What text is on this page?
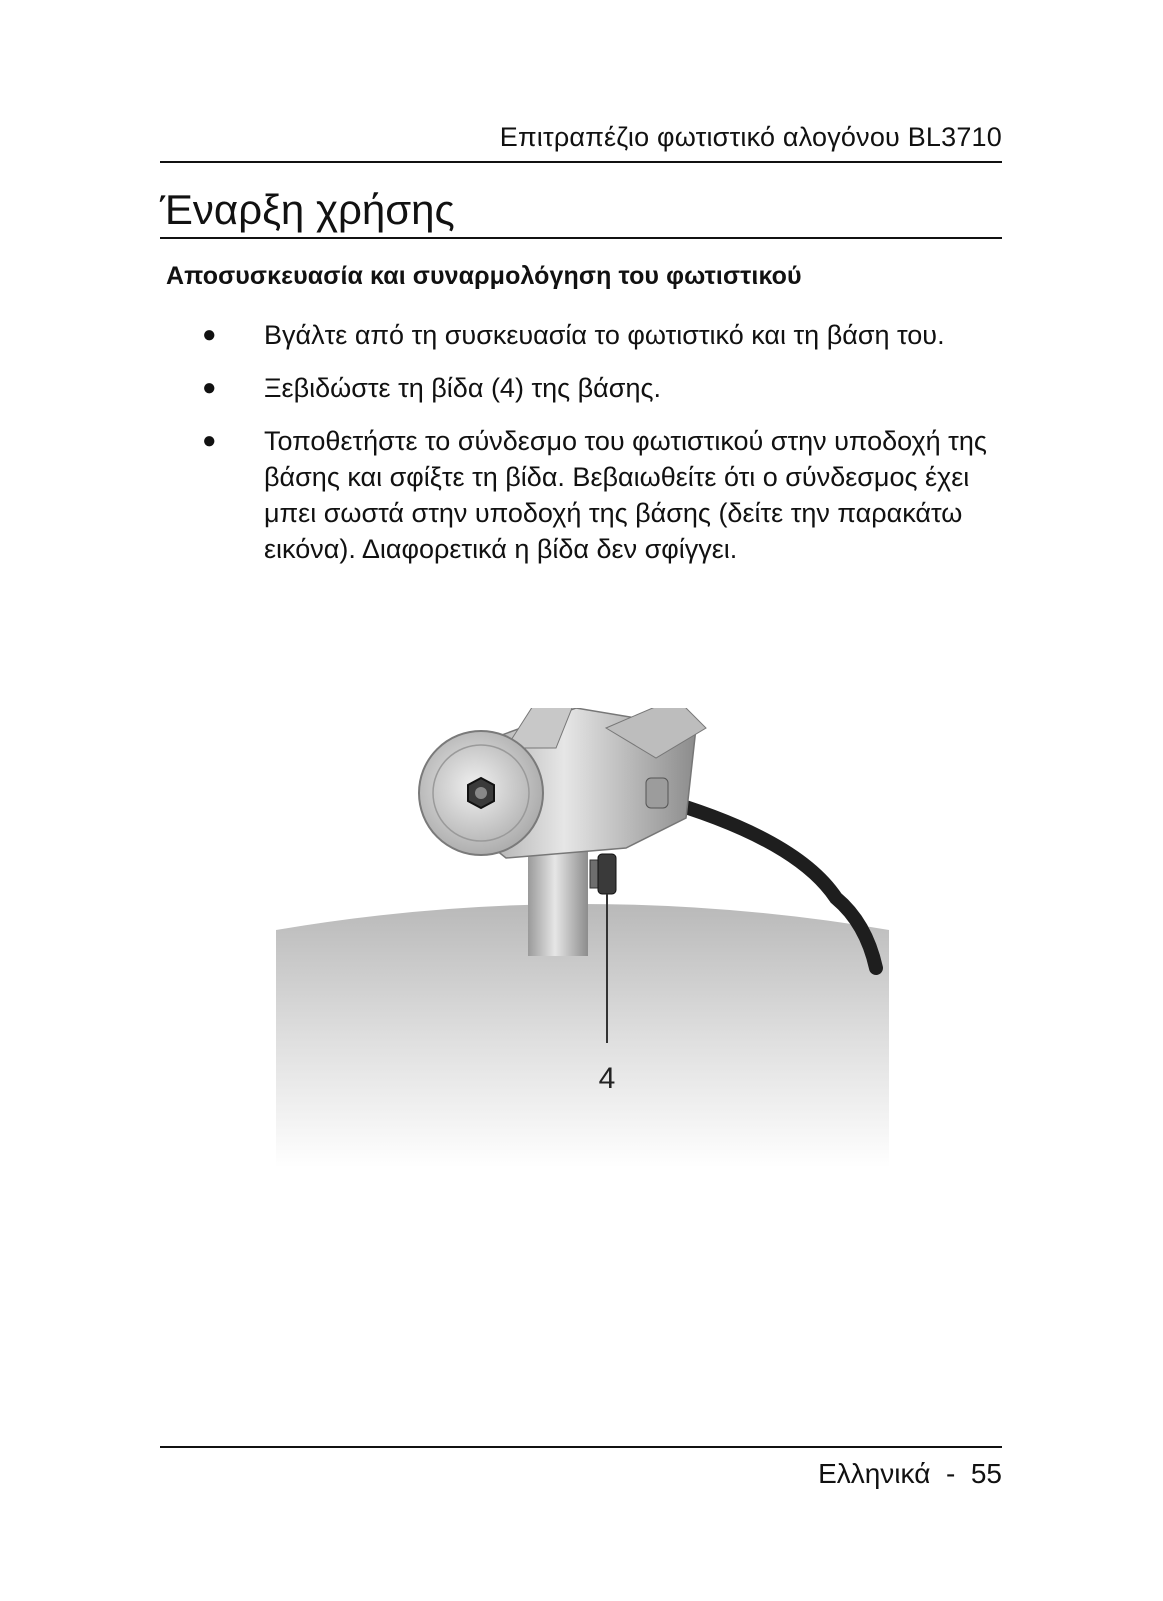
Επιτραπέζιο φωτιστικό αλογόνου BL3710
Έναρξη χρήσης
Αποσυσκευασία και συναρμολόγηση του φωτιστικού
● Βγάλτε από τη συσκευασία το φωτιστικό και τη βάση του.
● Ξεβιδώστε τη βίδα (4) της βάσης.
● Τοποθετήστε το σύνδεσμο του φωτιστικού στην υποδοχή της βάσης και σφίξτε τη βίδα. Βεβαιωθείτε ότι ο σύνδεσμος έχει μπει σωστά στην υποδοχή της βάσης (δείτε την παρακάτω εικόνα). Διαφορετικά η βίδα δεν σφίγγει.
4
Ελληνικά - 55
